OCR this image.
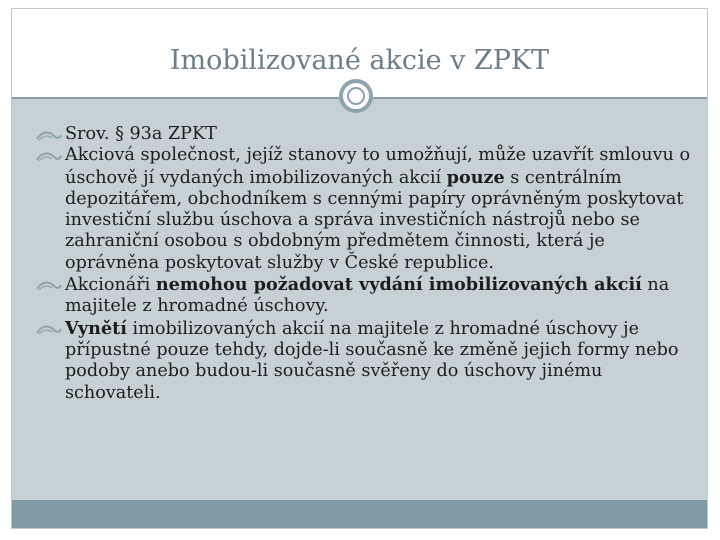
Imobilizované akcie v ZPKT

Srov. § 93a ZPKT

Akciová společnost, jejíž stanovy to umožňují, může uzavřít smlouvu o úschově jí vydaných imobilizovaných akcií pouze s centrálním depozitářem, obchodníkem s cennými papíry oprávněným poskytovat investiční službu úschova a správa investičních nástrojů nebo se zahraniční osobou s obdobným předmětem činnosti, která je oprávněna poskytovat služby v České republice.

Akcionáři nemohou požadovat vydání imobilizovaných akcií na majitele z hromadné úschovy.

Vynětí imobilizovaných akcií na majitele z hromadné úschovy je přípustné pouze tehdy, dojde-li současně ke změně jejich formy nebo podoby anebo budou-li současně svěřeny do úschovy jinému schovateli.
